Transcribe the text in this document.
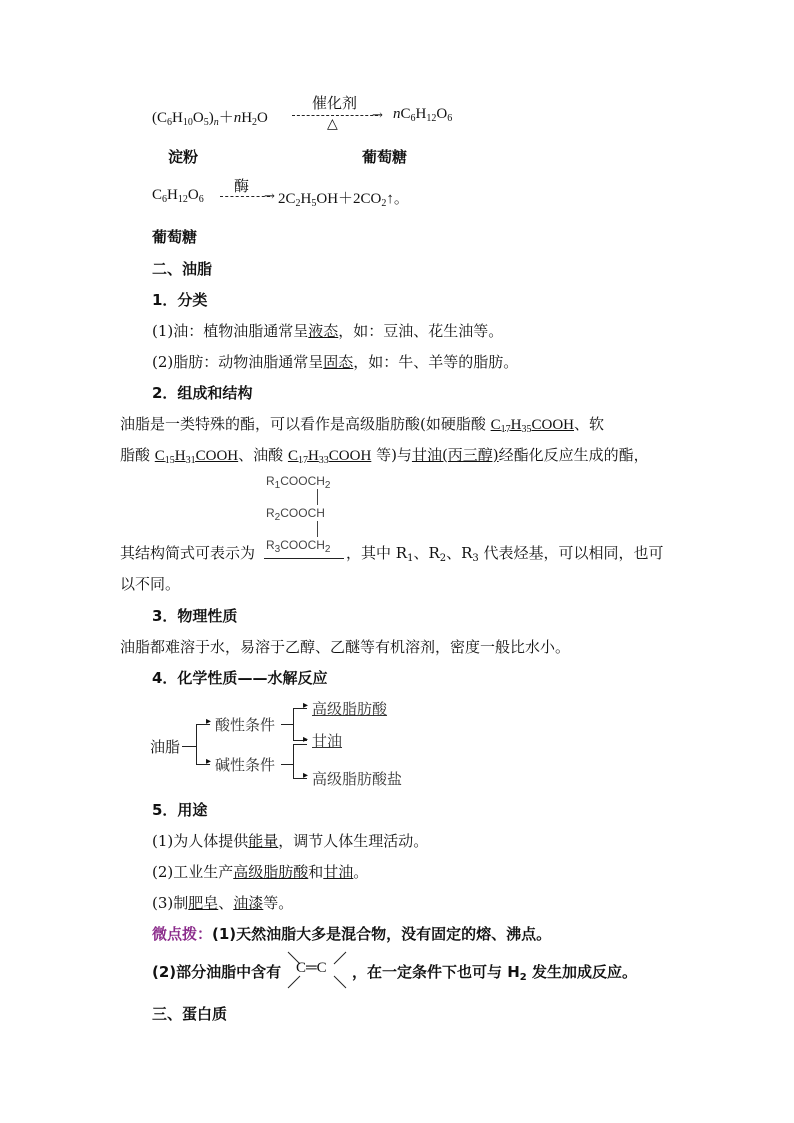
$(C_6H_{10}O_5)_n+nH_2O$
催化剂
→
△
$nC_6H_{12}O_6$
淀粉	葡萄糖
$C_6H_{12}O_6$
酶
→ $2C_2H_5OH+2CO_2↑$。
葡萄糖
二、油脂
1．分类
(1)油：植物油脂通常呈液态，如：豆油、花生油等。
(2)脂肪：动物油脂通常呈固态，如：牛、羊等的脂肪。
2．组成和结构
油脂是一类特殊的酯，可以看作是高级脂肪酸(如硬脂酸 $C_{17}H_{35}COOH$、软
脂酸 $C_{15}H_{31}COOH$、油酸 $C_{17}H_{33}COOH$ 等)与甘油(丙三醇)经酯化反应生成的酯，
$R_1COOCH_2$
$R_2COOCH$
$R_3COOCH_2$
其结构简式可表示为	，其中 $R_1$、$R_2$、$R_3$ 代表烃基，可以相同，也可
以不同。
3．物理性质
油脂都难溶于水，易溶于乙醇、乙醚等有机溶剂，密度一般比水小。
4．化学性质——水解反应
油脂
▸
▸
酸性条件
碱性条件
▸
▸
▸
高级脂肪酸
甘油
高级脂肪酸盐
5．用途
(1)为人体提供能量，调节人体生理活动。
(2)工业生产高级脂肪酸和甘油。
(3)制肥皂、油漆等。
微点拨：(1)天然油脂大多是混合物，没有固定的熔、沸点。
(2)部分油脂中含有 C═C ，在一定条件下也可与 $H_2$ 发生加成反应。
三、蛋白质
